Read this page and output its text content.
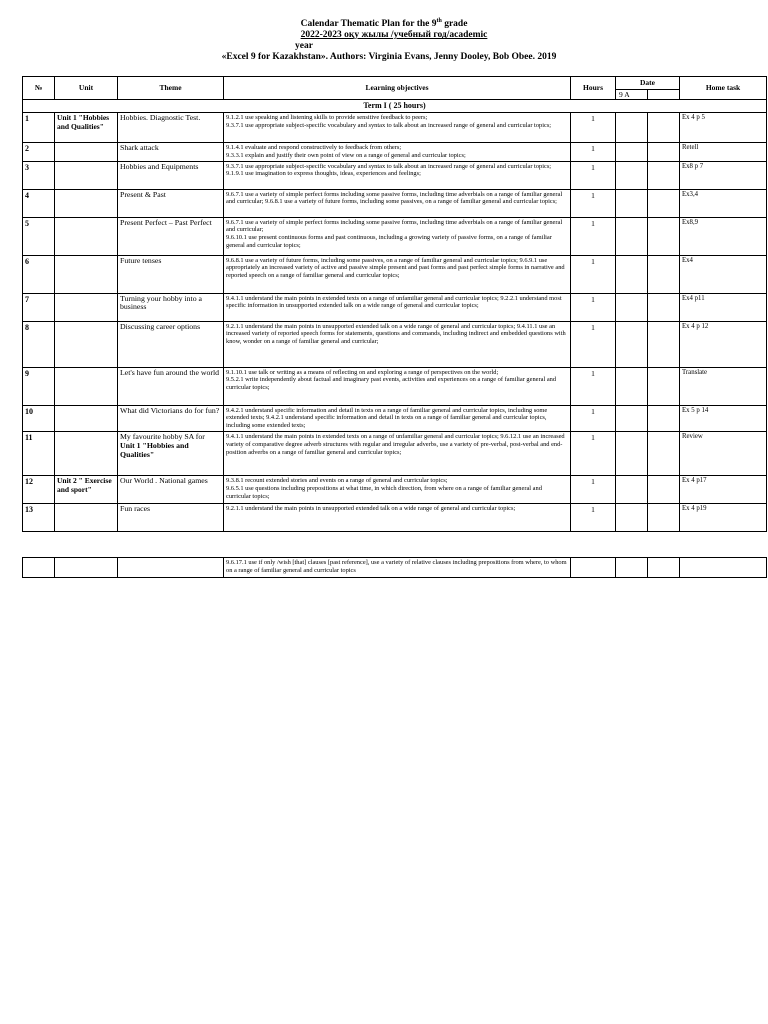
Calendar Thematic Plan for the 9th grade
2022-2023 оқу жылы /учебный год/academic
year
«Excel 9 for Kazakhstan». Authors: Virginia Evans, Jenny Dooley, Bob Obee. 2019
№	Unit	Theme	Learning objectives	Hours	Date		Home task
					9 A		
Term I ( 25 hours)							
1	Unit 1 "Hobbies and Qualities"	Hobbies. Diagnostic Test.	9.1.2.1 use speaking and listening skills to provide sensitive feedback to peers;
9.3.7.1 use appropriate subject-specific vocabulary and syntax to talk about an increased range of general and curricular topics;	1			Ex 4 p 5
2		Shark attack	9.1.4.1 evaluate and respond constructively to feedback from others;
9.3.3.1 explain and justify their own point of view on a range of general and curricular topics;	1			Retell
3		Hobbies and Equipments	9.3.7.1 use appropriate subject-specific vocabulary and syntax to talk about an increased range of general and curricular topics;
9.1.9.1 use imagination to express thoughts, ideas, experiences and feelings;	1			Ex8 p 7
4		Present & Past	9.6.7.1 use a variety of simple perfect forms including some passive forms, including time adverbials on a range of familiar general and curricular; 9.6.8.1 use a variety of future forms, including some passives, on a range of familiar general and curricular topics;	1			Ex3,4
5		Present Perfect – Past Perfect	9.6.7.1 use a variety of simple perfect forms including some passive forms, including time adverbials on a range of familiar general and curricular;
9.6.10.1 use present continuous forms and past continuous, including a growing variety of passive forms, on a range of familiar general and curricular topics;	1			Ex8,9
6		Future tenses	9.6.8.1 use a variety of future forms, including some passives, on a range of familiar general and curricular topics; 9.6.9.1 use appropriately an increased variety of active and passive simple present and past forms and past perfect simple forms in narrative and reported speech on a range of familiar general and curricular topics;	1			Ex4
7		Turning your hobby into a business	9.4.1.1 understand the main points in extended texts on a range of unfamiliar general and curricular topics; 9.2.2.1 understand most specific information in unsupported extended talk on a wide range of general and curricular topics;	1			Ex4 p11
8		Discussing career options	9.2.1.1 understand the main points in unsupported extended talk on a wide range of general and curricular topics; 9.4.11.1 use an increased variety of reported speech forms for statements, questions and commands, including indirect and embedded questions with know, wonder on a range of familiar general and curricular;	1			Ex 4 p 12
9		Let's have fun around the world	9.1.10.1 use talk or writing as a means of reflecting on and exploring a range of perspectives on the world;
9.5.2.1 write independently about factual and imaginary past events, activities and experiences on a range of familiar general and curricular topics;	1			Translate
10		What did Victorians do for fun?	9.4.2.1 understand specific information and detail in texts on a range of familiar general and curricular topics, including some extended texts; 9.4.2.1 understand specific information and detail in texts on a range of familiar general and curricular topics, including some extended texts;	1			Ex 5 p 14
11		My favourite hobby SA for Unit 1 "Hobbies and Qualities"	9.4.1.1 understand the main points in extended texts on a range of unfamiliar general and curricular topics; 9.6.12.1 use an increased variety of comparative degree adverb structures with regular and irregular adverbs, use a variety of pre-verbal, post-verbal and end-position adverbs on a range of familiar general and curricular topics;	1			Review
12	Unit 2 " Exercise and sport"	Our World . National games	9.3.8.1 recount extended stories and events on a range of general and curricular topics;
9.6.5.1 use questions including prepositions at what time, in which direction, from where on a range of familiar general and curricular topics;	1			Ex 4 p17
13		Fun races	9.2.1.1 understand the main points in unsupported extended talk on a wide range of general and curricular topics;	1			Ex 4 p19
			9.6.17.1 use if only /wish [that] clauses [past reference], use a variety of relative clauses including prepositions from where, to whom on a range of familiar general and curricular topics				
